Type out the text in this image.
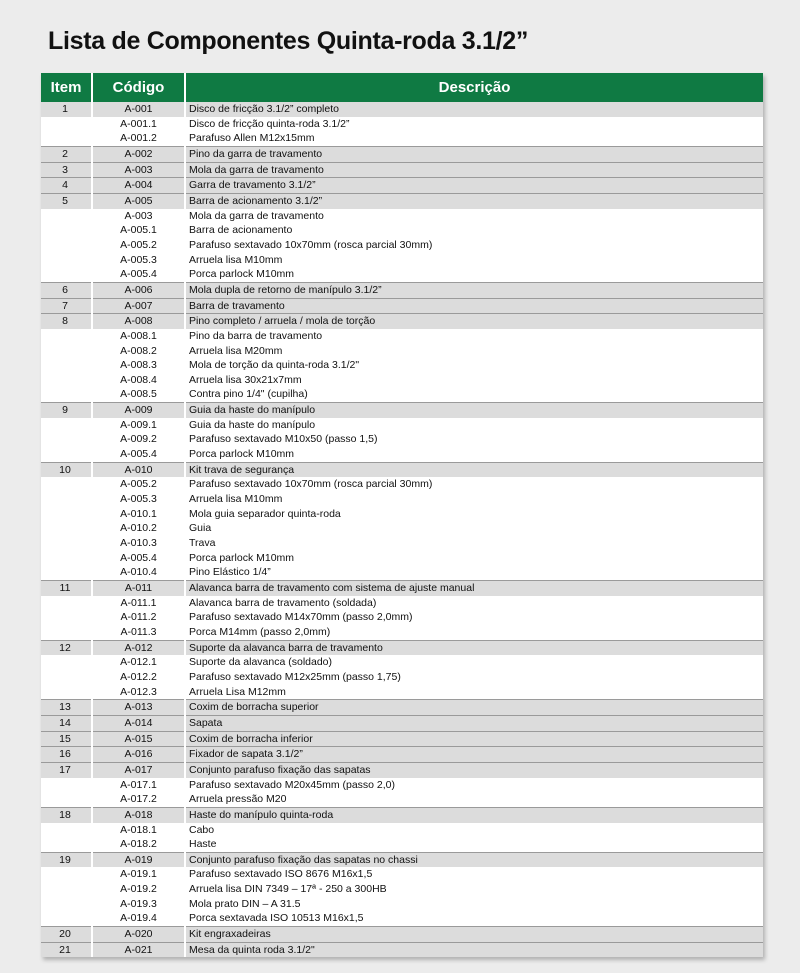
Lista de Componentes Quinta-roda 3.1/2”
Item	Código	Descrição
1	A-001	Disco de fricção 3.1/2” completo
	A-001.1	Disco de fricção quinta-roda 3.1/2”
	A-001.2	Parafuso Allen M12x15mm
2	A-002	Pino da garra de travamento
3	A-003	Mola da garra de travamento
4	A-004	Garra de travamento 3.1/2”
5	A-005	Barra de acionamento 3.1/2”
	A-003	Mola da garra de travamento
	A-005.1	Barra de acionamento
	A-005.2	Parafuso sextavado 10x70mm (rosca parcial 30mm)
	A-005.3	Arruela lisa M10mm
	A-005.4	Porca parlock M10mm
6	A-006	Mola dupla de retorno de manípulo 3.1/2”
7	A-007	Barra de travamento
8	A-008	Pino completo / arruela / mola de torção
	A-008.1	Pino da barra de travamento
	A-008.2	Arruela lisa M20mm
	A-008.3	Mola de torção da quinta-roda 3.1/2"
	A-008.4	Arruela lisa 30x21x7mm
	A-008.5	Contra pino 1/4" (cupilha)
9	A-009	Guia da haste do manípulo
	A-009.1	Guia da haste do manípulo
	A-009.2	Parafuso sextavado M10x50 (passo 1,5)
	A-005.4	Porca parlock M10mm
10	A-010	Kit trava de segurança
	A-005.2	Parafuso sextavado 10x70mm (rosca parcial 30mm)
	A-005.3	Arruela lisa M10mm
	A-010.1	Mola guia separador quinta-roda
	A-010.2	Guia
	A-010.3	Trava
	A-005.4	Porca parlock M10mm
	A-010.4	Pino Elástico 1/4”
11	A-011	Alavanca barra de travamento com sistema de ajuste manual
	A-011.1	Alavanca barra de travamento (soldada)
	A-011.2	Parafuso sextavado M14x70mm (passo 2,0mm)
	A-011.3	Porca M14mm (passo 2,0mm)
12	A-012	Suporte da alavanca barra de travamento
	A-012.1	Suporte da alavanca (soldado)
	A-012.2	Parafuso sextavado M12x25mm (passo 1,75)
	A-012.3	Arruela Lisa M12mm
13	A-013	Coxim de borracha superior
14	A-014	Sapata
15	A-015	Coxim de borracha inferior
16	A-016	Fixador de sapata 3.1/2”
17	A-017	Conjunto parafuso fixação das sapatas
	A-017.1	Parafuso sextavado M20x45mm (passo 2,0)
	A-017.2	Arruela pressão M20
18	A-018	Haste do manípulo quinta-roda
	A-018.1	Cabo
	A-018.2	Haste
19	A-019	Conjunto parafuso fixação das sapatas no chassi
	A-019.1	Parafuso sextavado ISO 8676 M16x1,5
	A-019.2	Arruela lisa DIN 7349 – 17ª - 250 a 300HB
	A-019.3	Mola prato DIN – A 31.5
	A-019.4	Porca sextavada ISO 10513 M16x1,5
20	A-020	Kit engraxadeiras
21	A-021	Mesa da quinta roda 3.1/2"
